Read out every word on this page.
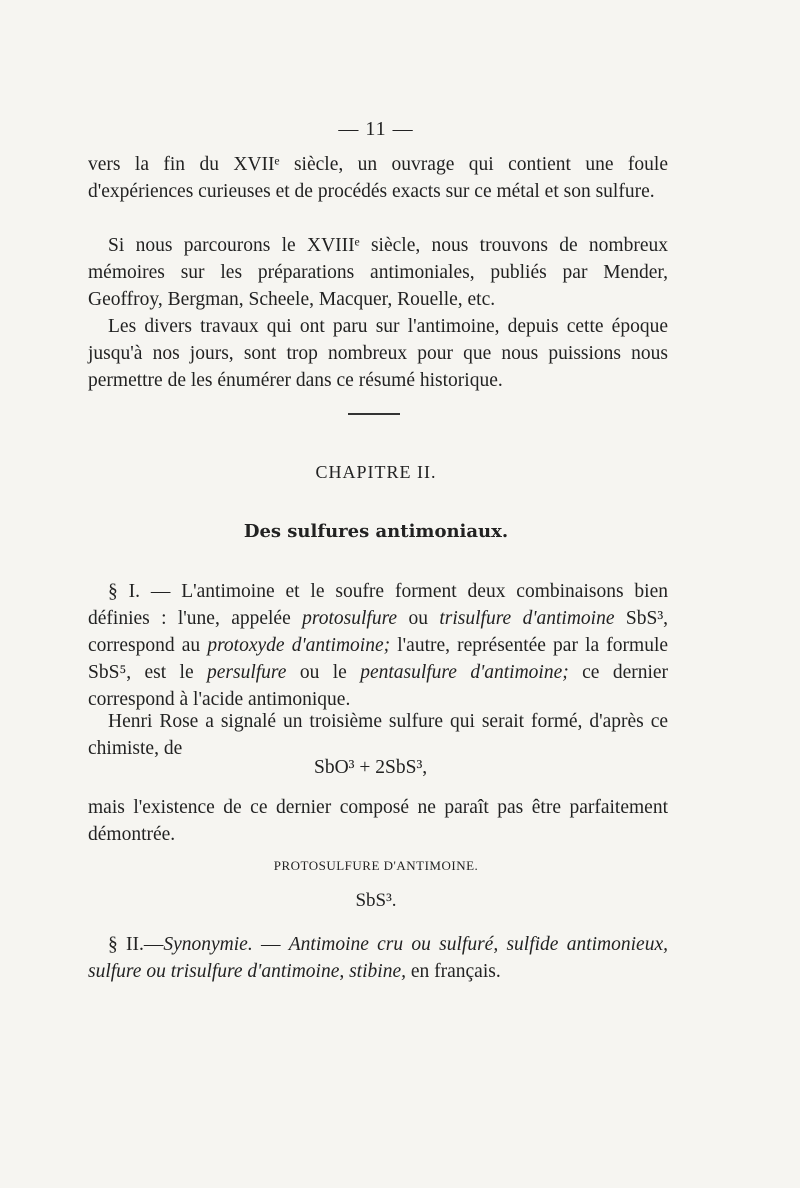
— 11 —
vers la fin du XVIIᵉ siècle, un ouvrage qui contient une foule d'expériences curieuses et de procédés exacts sur ce métal et son sulfure.
Si nous parcourons le XVIIIᵉ siècle, nous trouvons de nombreux mémoires sur les préparations antimoniales, publiés par Mender, Geoffroy, Bergman, Scheele, Macquer, Rouelle, etc.
Les divers travaux qui ont paru sur l'antimoine, depuis cette époque jusqu'à nos jours, sont trop nombreux pour que nous puissions nous permettre de les énumérer dans ce résumé historique.
CHAPITRE II.
Des sulfures antimoniaux.
§ I. — L'antimoine et le soufre forment deux combinaisons bien définies : l'une, appelée protosulfure ou trisulfure d'antimoine SbS³, correspond au protoxyde d'antimoine; l'autre, représentée par la formule SbS⁵, est le persulfure ou le pentasulfure d'antimoine; ce dernier correspond à l'acide antimonique.
Henri Rose a signalé un troisième sulfure qui serait formé, d'après ce chimiste, de
SbO³ + 2SbS³,
mais l'existence de ce dernier composé ne paraît pas être parfaitement démontrée.
PROTOSULFURE D'ANTIMOINE.
SbS³.
§ II.—Synonymie. — Antimoine cru ou sulfuré, sulfide antimonieux, sulfure ou trisulfure d'antimoine, stibine, en français.
